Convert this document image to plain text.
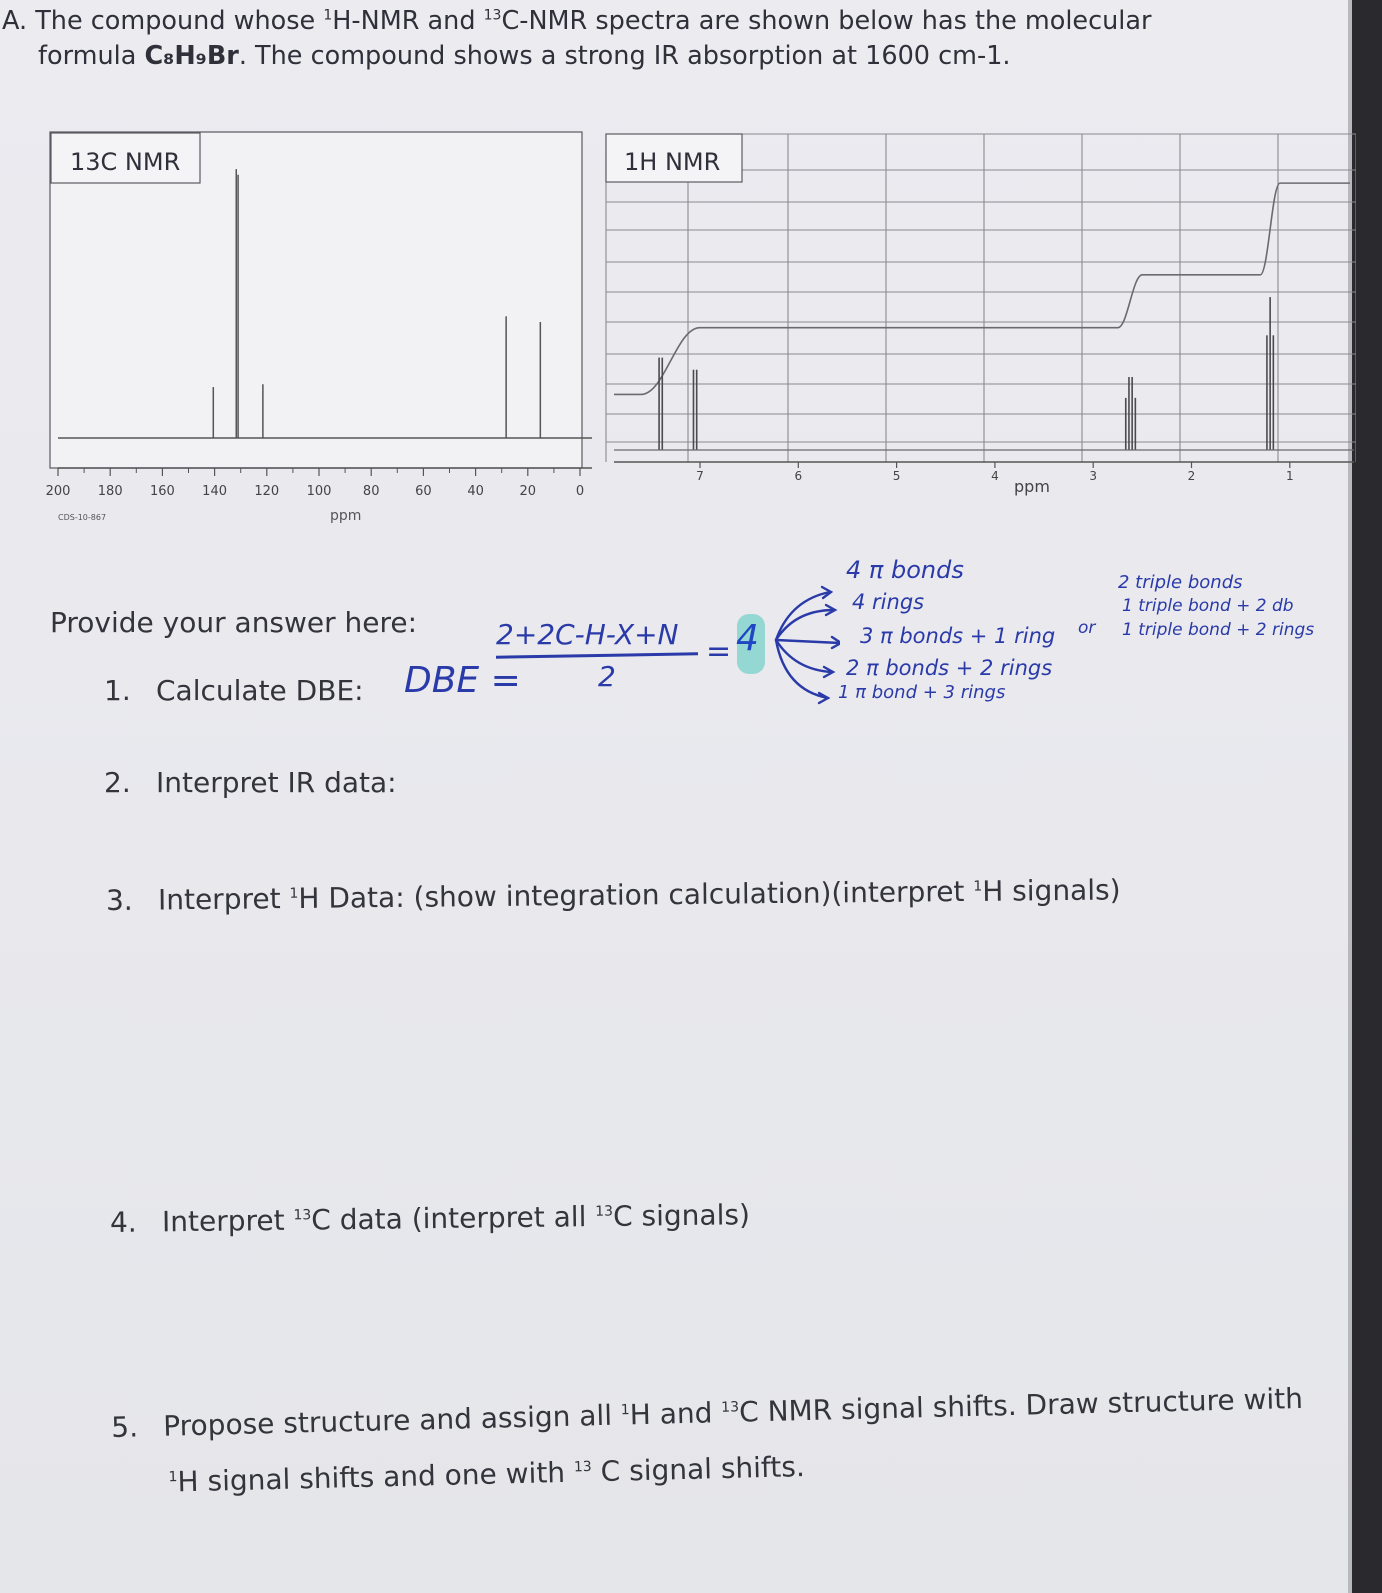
A. The compound whose $^1$H-NMR and $^{13}$C-NMR spectra are shown below has the molecular
formula C₈H₉Br. The compound shows a strong IR absorption at 1600 cm-1.
13C NMR
200 180 160 140 120 100 80	60	40	20	0
ppm
CDS-10-867
1H NMR
7	6	5	4	3	2	1
ppm
Provide your answer here:
1. Calculate DBE:
2. Interpret IR data:
3. Interpret $^1$H Data: (show integration calculation)(interpret $^1$H signals)
4. Interpret $^{13}$C data (interpret all $^{13}$C signals)
5. Propose structure and assign all $^1$H and $^{13}$C NMR signal shifts. Draw structure with
$^1$H signal shifts and one with $^{13}$ C signal shifts.
DBE =
2+2C-H-X+N
2
= 4
4 π bonds
4 rings
3 π bonds + 1 ring
2 π bonds + 2 rings
1 π bond + 3 rings
or
2 triple bonds
1 triple bond + 2 db
1 triple bond + 2 rings
